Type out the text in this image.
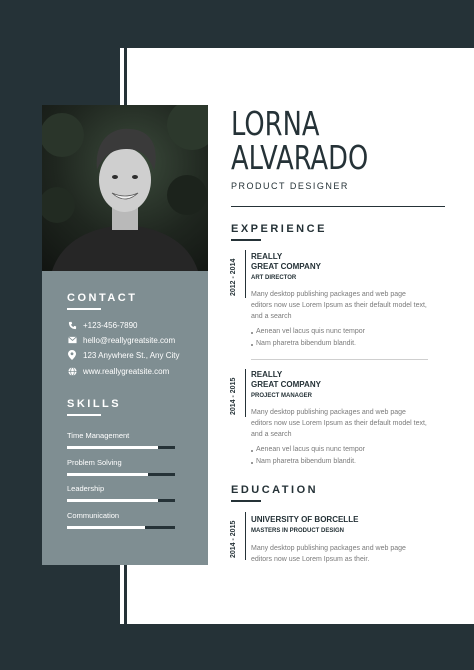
CONTACT
+123-456-7890
hello@reallygreatsite.com
123 Anywhere St., Any City
www.reallygreatsite.com
SKILLS
Time Management
Problem Solving
Leadership
Communication
LORNA
ALVARADO
PRODUCT DESIGNER
EXPERIENCE
2012 - 2014
REALLY
GREAT COMPANY
ART DIRECTOR
Many desktop publishing packages and web page editors now use Lorem Ipsum as their default model text, and a search
Aenean vel lacus quis nunc tempor
Nam pharetra bibendum blandit.
2014 - 2015
REALLY
GREAT COMPANY
PROJECT MANAGER
Many desktop publishing packages and web page editors now use Lorem Ipsum as their default model text, and a search
Aenean vel lacus quis nunc tempor
Nam pharetra bibendum blandit.
EDUCATION
2014 - 2015
UNIVERSITY OF BORCELLE
MASTERS IN PRODUCT DESIGN
Many desktop publishing packages and web page editors now use Lorem Ipsum as their.
